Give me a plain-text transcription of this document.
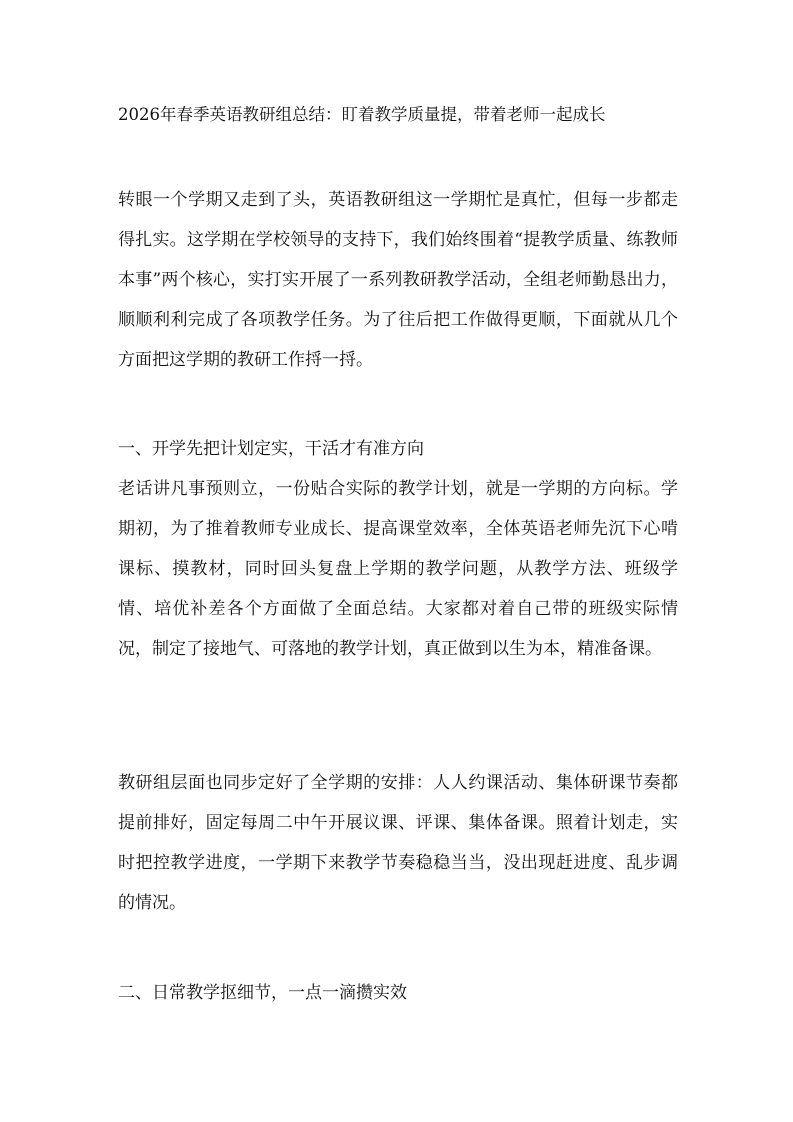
2026年春季英语教研组总结：盯着教学质量提，带着老师一起成长

转眼一个学期又走到了头，英语教研组这一学期忙是真忙，但每一步都走得扎实。这学期在学校领导的支持下，我们始终围着“提教学质量、练教师本事”两个核心，实打实开展了一系列教研教学活动，全组老师勤恳出力，顺顺利利完成了各项教学任务。为了往后把工作做得更顺，下面就从几个方面把这学期的教研工作捋一捋。

一、开学先把计划定实，干活才有准方向

老话讲凡事预则立，一份贴合实际的教学计划，就是一学期的方向标。学期初，为了推着教师专业成长、提高课堂效率，全体英语老师先沉下心啃课标、摸教材，同时回头复盘上学期的教学问题，从教学方法、班级学情、培优补差各个方面做了全面总结。大家都对着自己带的班级实际情况，制定了接地气、可落地的教学计划，真正做到以生为本，精准备课。

教研组层面也同步定好了全学期的安排：人人约课活动、集体研课节奏都提前排好，固定每周二中午开展议课、评课、集体备课。照着计划走，实时把控教学进度，一学期下来教学节奏稳稳当当，没出现赶进度、乱步调的情况。

二、日常教学抠细节，一点一滴攒实效
